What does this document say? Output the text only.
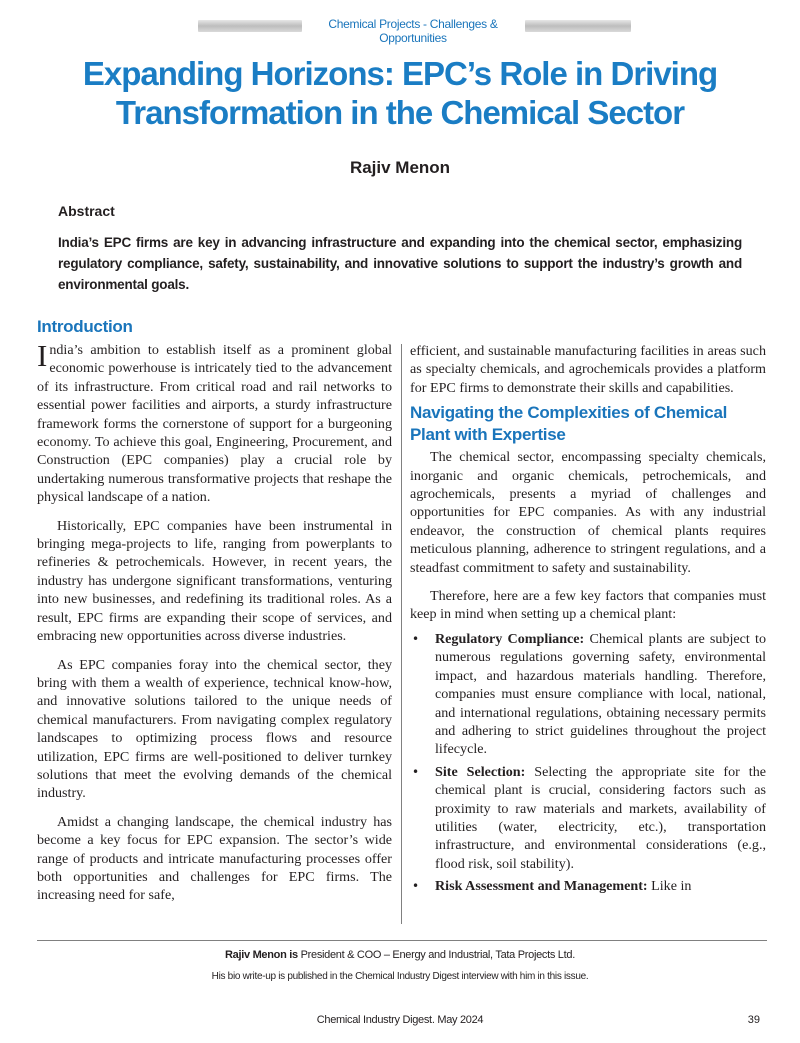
Chemical Projects - Challenges & Opportunities
Expanding Horizons: EPC’s Role in Driving
Transformation in the Chemical Sector
Rajiv Menon
Abstract
India’s EPC firms are key in advancing infrastructure and expanding into the chemical sector, emphasizing regulatory compliance, safety, sustainability, and innovative solutions to support the industry’s growth and environmental goals.
Introduction

India’s ambition to establish itself as a prominent global economic powerhouse is intricately tied to the advancement of its infrastructure. From critical road and rail networks to essential power facilities and airports, a sturdy infrastructure framework forms the cornerstone of support for a burgeoning economy. To achieve this goal, Engineering, Procurement, and Construction (EPC companies) play a crucial role by undertaking numerous transformative projects that reshape the physical landscape of a nation.

Historically, EPC companies have been instrumental in bringing mega-projects to life, ranging from powerplants to refineries & petrochemicals. However, in recent years, the industry has undergone significant transformations, venturing into new businesses, and redefining its traditional roles. As a result, EPC firms are expanding their scope of services, and embracing new opportunities across diverse industries.

As EPC companies foray into the chemical sector, they bring with them a wealth of experience, technical know-how, and innovative solutions tailored to the unique needs of chemical manufacturers. From navigating complex regulatory landscapes to optimizing process flows and resource utilization, EPC firms are well-positioned to deliver turnkey solutions that meet the evolving demands of the chemical industry.

Amidst a changing landscape, the chemical industry has become a key focus for EPC expansion. The sector’s wide range of products and intricate manufacturing processes offer both opportunities and challenges for EPC firms. The increasing need for safe,

efficient, and sustainable manufacturing facilities in areas such as specialty chemicals, and agrochemicals provides a platform for EPC firms to demonstrate their skills and capabilities.

Navigating the Complexities of Chemical Plant with Expertise

The chemical sector, encompassing specialty chemicals, inorganic and organic chemicals, petrochemicals, and agrochemicals, presents a myriad of challenges and opportunities for EPC companies. As with any industrial endeavor, the construction of chemical plants requires meticulous planning, adherence to stringent regulations, and a steadfast commitment to safety and sustainability.

Therefore, here are a few key factors that companies must keep in mind when setting up a chemical plant:

• Regulatory Compliance: Chemical plants are subject to numerous regulations governing safety, environmental impact, and hazardous materials handling. Therefore, companies must ensure compliance with local, national, and international regulations, obtaining necessary permits and adhering to strict guidelines throughout the project lifecycle.
• Site Selection: Selecting the appropriate site for the chemical plant is crucial, considering factors such as proximity to raw materials and markets, availability of utilities (water, electricity, etc.), transportation infrastructure, and environmental considerations (e.g., flood risk, soil stability).
• Risk Assessment and Management: Like in
Rajiv Menon is President & COO – Energy and Industrial, Tata Projects Ltd.
His bio write-up is published in the Chemical Industry Digest interview with him in this issue.
Chemical Industry Digest. May 2024	39
